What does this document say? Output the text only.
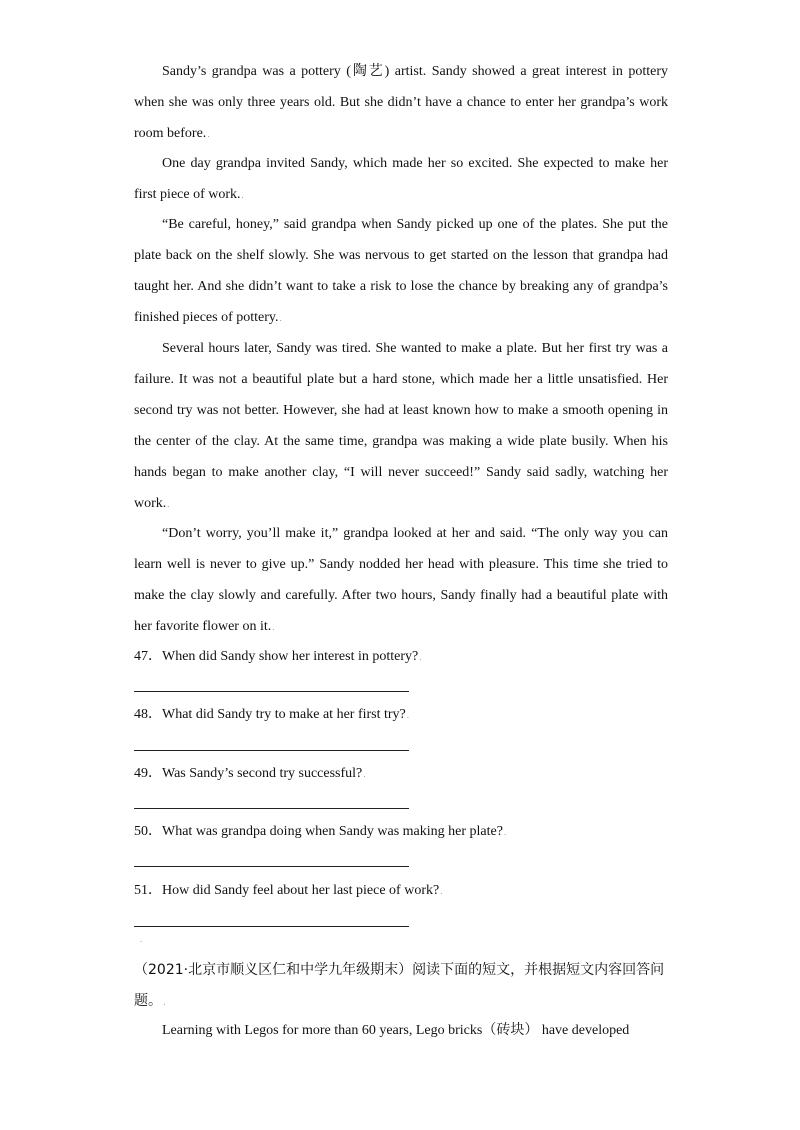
Sandy’s grandpa was a pottery (陶艺) artist. Sandy showed a great interest in pottery when she was only three years old. But she didn’t have a chance to enter her grandpa’s work room before..

One day grandpa invited Sandy, which made her so excited. She expected to make her first piece of work..

“Be careful, honey,” said grandpa when Sandy picked up one of the plates. She put the plate back on the shelf slowly. She was nervous to get started on the lesson that grandpa had taught her. And she didn’t want to take a risk to lose the chance by breaking any of grandpa’s finished pieces of pottery..

Several hours later, Sandy was tired. She wanted to make a plate. But her first try was a failure. It was not a beautiful plate but a hard stone, which made her a little unsatisfied. Her second try was not better. However, she had at least known how to make a smooth opening in the center of the clay. At the same time, grandpa was making a wide plate busily. When his hands began to make another clay, “I will never succeed!” Sandy said sadly, watching her work..

“Don’t worry, you’ll make it,” grandpa looked at her and said. “The only way you can learn well is never to give up.” Sandy nodded her head with pleasure. This time she tried to make the clay slowly and carefully. After two hours, Sandy finally had a beautiful plate with her favorite flower on it..

47．When did Sandy show her interest in pottery?.
48．What did Sandy try to make at her first try?.
49．Was Sandy’s second try successful?.
50．What was grandpa doing when Sandy was making her plate?.
51．How did Sandy feel about her last piece of work?.
.

（2021·北京市顺义区仁和中学九年级期末）阅读下面的短文，并根据短文内容回答问题。.

Learning with Legos for more than 60 years, Lego bricks（砖块） have developed
